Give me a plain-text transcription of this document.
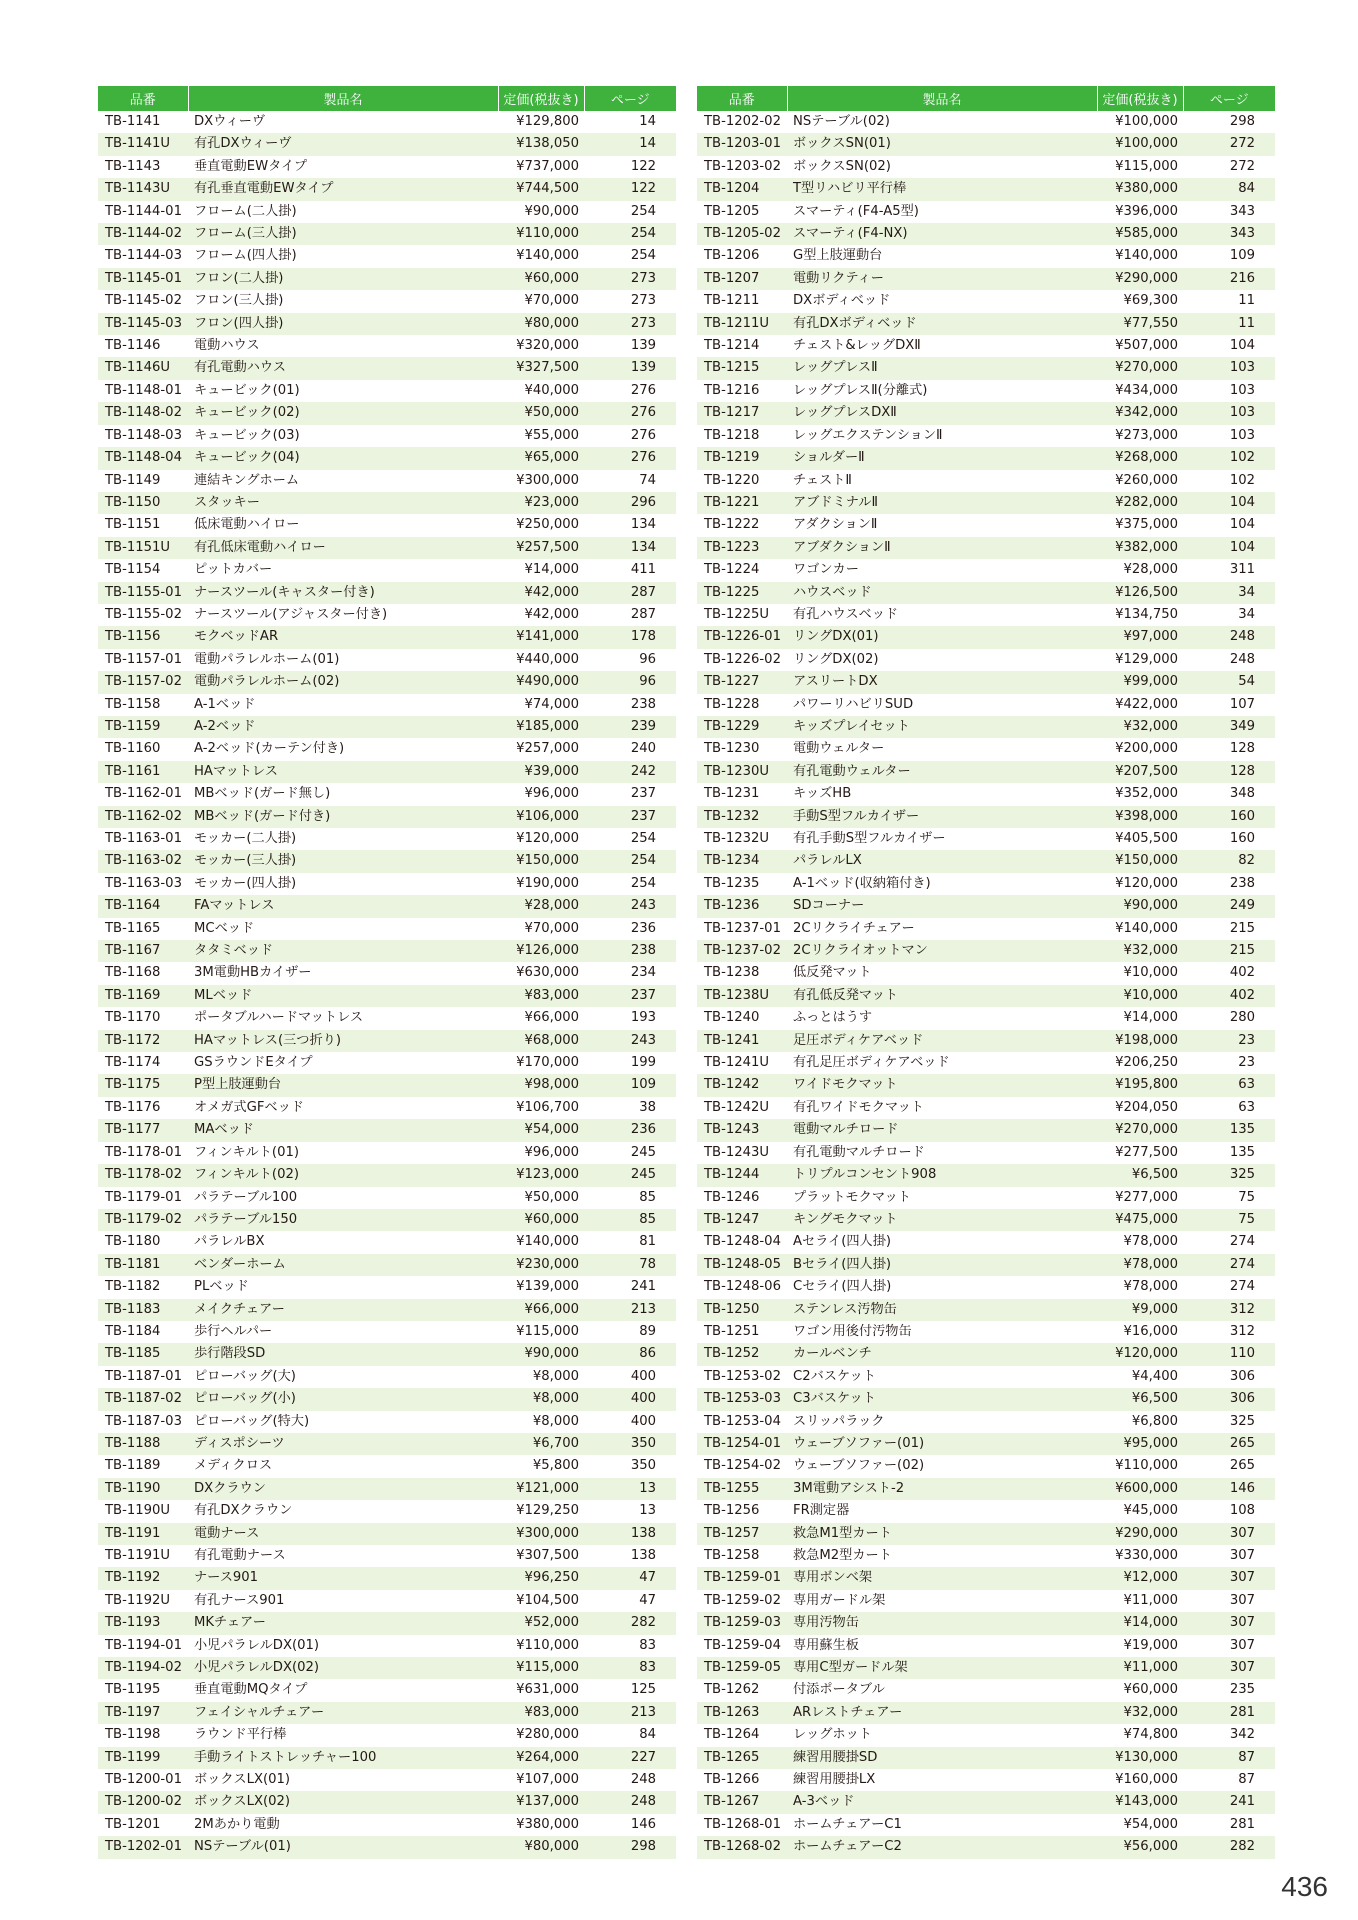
品番	製品名	定価(税抜き)	ページ
TB-1141	DXウィーヴ	¥129,800	14
TB-1141U	有孔DXウィーヴ	¥138,050	14
TB-1143	垂直電動EWタイプ	¥737,000	122
TB-1143U	有孔垂直電動EWタイプ	¥744,500	122
TB-1144-01	フローム(二人掛)	¥90,000	254
TB-1144-02	フローム(三人掛)	¥110,000	254
TB-1144-03	フローム(四人掛)	¥140,000	254
TB-1145-01	フロン(二人掛)	¥60,000	273
TB-1145-02	フロン(三人掛)	¥70,000	273
TB-1145-03	フロン(四人掛)	¥80,000	273
TB-1146	電動ハウス	¥320,000	139
TB-1146U	有孔電動ハウス	¥327,500	139
TB-1148-01	キュービック(01)	¥40,000	276
TB-1148-02	キュービック(02)	¥50,000	276
TB-1148-03	キュービック(03)	¥55,000	276
TB-1148-04	キュービック(04)	¥65,000	276
TB-1149	連結キングホーム	¥300,000	74
TB-1150	スタッキー	¥23,000	296
TB-1151	低床電動ハイロー	¥250,000	134
TB-1151U	有孔低床電動ハイロー	¥257,500	134
TB-1154	ピットカバー	¥14,000	411
TB-1155-01	ナースツール(キャスター付き)	¥42,000	287
TB-1155-02	ナースツール(アジャスター付き)	¥42,000	287
TB-1156	モクベッドAR	¥141,000	178
TB-1157-01	電動パラレルホーム(01)	¥440,000	96
TB-1157-02	電動パラレルホーム(02)	¥490,000	96
TB-1158	A-1ベッド	¥74,000	238
TB-1159	A-2ベッド	¥185,000	239
TB-1160	A-2ベッド(カーテン付き)	¥257,000	240
TB-1161	HAマットレス	¥39,000	242
TB-1162-01	MBベッド(ガード無し)	¥96,000	237
TB-1162-02	MBベッド(ガード付き)	¥106,000	237
TB-1163-01	モッカー(二人掛)	¥120,000	254
TB-1163-02	モッカー(三人掛)	¥150,000	254
TB-1163-03	モッカー(四人掛)	¥190,000	254
TB-1164	FAマットレス	¥28,000	243
TB-1165	MCベッド	¥70,000	236
TB-1167	タタミベッド	¥126,000	238
TB-1168	3M電動HBカイザー	¥630,000	234
TB-1169	MLベッド	¥83,000	237
TB-1170	ポータブルハードマットレス	¥66,000	193
TB-1172	HAマットレス(三つ折り)	¥68,000	243
TB-1174	GSラウンドEタイプ	¥170,000	199
TB-1175	P型上肢運動台	¥98,000	109
TB-1176	オメガ式GFベッド	¥106,700	38
TB-1177	MAベッド	¥54,000	236
TB-1178-01	フィンキルト(01)	¥96,000	245
TB-1178-02	フィンキルト(02)	¥123,000	245
TB-1179-01	パラテーブル100	¥50,000	85
TB-1179-02	パラテーブル150	¥60,000	85
TB-1180	パラレルBX	¥140,000	81
TB-1181	ベンダーホーム	¥230,000	78
TB-1182	PLベッド	¥139,000	241
TB-1183	メイクチェアー	¥66,000	213
TB-1184	歩行ヘルパー	¥115,000	89
TB-1185	歩行階段SD	¥90,000	86
TB-1187-01	ピローバッグ(大)	¥8,000	400
TB-1187-02	ピローバッグ(小)	¥8,000	400
TB-1187-03	ピローバッグ(特大)	¥8,000	400
TB-1188	ディスポシーツ	¥6,700	350
TB-1189	メディクロス	¥5,800	350
TB-1190	DXクラウン	¥121,000	13
TB-1190U	有孔DXクラウン	¥129,250	13
TB-1191	電動ナース	¥300,000	138
TB-1191U	有孔電動ナース	¥307,500	138
TB-1192	ナース901	¥96,250	47
TB-1192U	有孔ナース901	¥104,500	47
TB-1193	MKチェアー	¥52,000	282
TB-1194-01	小児パラレルDX(01)	¥110,000	83
TB-1194-02	小児パラレルDX(02)	¥115,000	83
TB-1195	垂直電動MQタイプ	¥631,000	125
TB-1197	フェイシャルチェアー	¥83,000	213
TB-1198	ラウンド平行棒	¥280,000	84
TB-1199	手動ライトストレッチャー100	¥264,000	227
TB-1200-01	ボックスLX(01)	¥107,000	248
TB-1200-02	ボックスLX(02)	¥137,000	248
TB-1201	2Mあかり電動	¥380,000	146
TB-1202-01	NSテーブル(01)	¥80,000	298
品番	製品名	定価(税抜き)	ページ
TB-1202-02	NSテーブル(02)	¥100,000	298
TB-1203-01	ボックスSN(01)	¥100,000	272
TB-1203-02	ボックスSN(02)	¥115,000	272
TB-1204	T型リハビリ平行棒	¥380,000	84
TB-1205	スマーティ(F4-A5型)	¥396,000	343
TB-1205-02	スマーティ(F4-NX)	¥585,000	343
TB-1206	G型上肢運動台	¥140,000	109
TB-1207	電動リクティー	¥290,000	216
TB-1211	DXボディベッド	¥69,300	11
TB-1211U	有孔DXボディベッド	¥77,550	11
TB-1214	チェスト&レッグDXⅡ	¥507,000	104
TB-1215	レッグプレスⅡ	¥270,000	103
TB-1216	レッグプレスⅡ(分離式)	¥434,000	103
TB-1217	レッグプレスDXⅡ	¥342,000	103
TB-1218	レッグエクステンションⅡ	¥273,000	103
TB-1219	ショルダーⅡ	¥268,000	102
TB-1220	チェストⅡ	¥260,000	102
TB-1221	アブドミナルⅡ	¥282,000	104
TB-1222	アダクションⅡ	¥375,000	104
TB-1223	アブダクションⅡ	¥382,000	104
TB-1224	ワゴンカー	¥28,000	311
TB-1225	ハウスベッド	¥126,500	34
TB-1225U	有孔ハウスベッド	¥134,750	34
TB-1226-01	リングDX(01)	¥97,000	248
TB-1226-02	リングDX(02)	¥129,000	248
TB-1227	アスリートDX	¥99,000	54
TB-1228	パワーリハビリSUD	¥422,000	107
TB-1229	キッズプレイセット	¥32,000	349
TB-1230	電動ウェルター	¥200,000	128
TB-1230U	有孔電動ウェルター	¥207,500	128
TB-1231	キッズHB	¥352,000	348
TB-1232	手動S型フルカイザー	¥398,000	160
TB-1232U	有孔手動S型フルカイザー	¥405,500	160
TB-1234	パラレルLX	¥150,000	82
TB-1235	A-1ベッド(収納箱付き)	¥120,000	238
TB-1236	SDコーナー	¥90,000	249
TB-1237-01	2Cリクライチェアー	¥140,000	215
TB-1237-02	2Cリクライオットマン	¥32,000	215
TB-1238	低反発マット	¥10,000	402
TB-1238U	有孔低反発マット	¥10,000	402
TB-1240	ふっとはうす	¥14,000	280
TB-1241	足圧ボディケアベッド	¥198,000	23
TB-1241U	有孔足圧ボディケアベッド	¥206,250	23
TB-1242	ワイドモクマット	¥195,800	63
TB-1242U	有孔ワイドモクマット	¥204,050	63
TB-1243	電動マルチロード	¥270,000	135
TB-1243U	有孔電動マルチロード	¥277,500	135
TB-1244	トリプルコンセント908	¥6,500	325
TB-1246	プラットモクマット	¥277,000	75
TB-1247	キングモクマット	¥475,000	75
TB-1248-04	Aセライ(四人掛)	¥78,000	274
TB-1248-05	Bセライ(四人掛)	¥78,000	274
TB-1248-06	Cセライ(四人掛)	¥78,000	274
TB-1250	ステンレス汚物缶	¥9,000	312
TB-1251	ワゴン用後付汚物缶	¥16,000	312
TB-1252	カールベンチ	¥120,000	110
TB-1253-02	C2バスケット	¥4,400	306
TB-1253-03	C3バスケット	¥6,500	306
TB-1253-04	スリッパラック	¥6,800	325
TB-1254-01	ウェーブソファー(01)	¥95,000	265
TB-1254-02	ウェーブソファー(02)	¥110,000	265
TB-1255	3M電動アシスト-2	¥600,000	146
TB-1256	FR測定器	¥45,000	108
TB-1257	救急M1型カート	¥290,000	307
TB-1258	救急M2型カート	¥330,000	307
TB-1259-01	専用ボンベ架	¥12,000	307
TB-1259-02	専用ガードル架	¥11,000	307
TB-1259-03	専用汚物缶	¥14,000	307
TB-1259-04	専用蘇生板	¥19,000	307
TB-1259-05	専用C型ガードル架	¥11,000	307
TB-1262	付添ポータブル	¥60,000	235
TB-1263	ARレストチェアー	¥32,000	281
TB-1264	レッグホット	¥74,800	342
TB-1265	練習用腰掛SD	¥130,000	87
TB-1266	練習用腰掛LX	¥160,000	87
TB-1267	A-3ベッド	¥143,000	241
TB-1268-01	ホームチェアーC1	¥54,000	281
TB-1268-02	ホームチェアーC2	¥56,000	282
436
